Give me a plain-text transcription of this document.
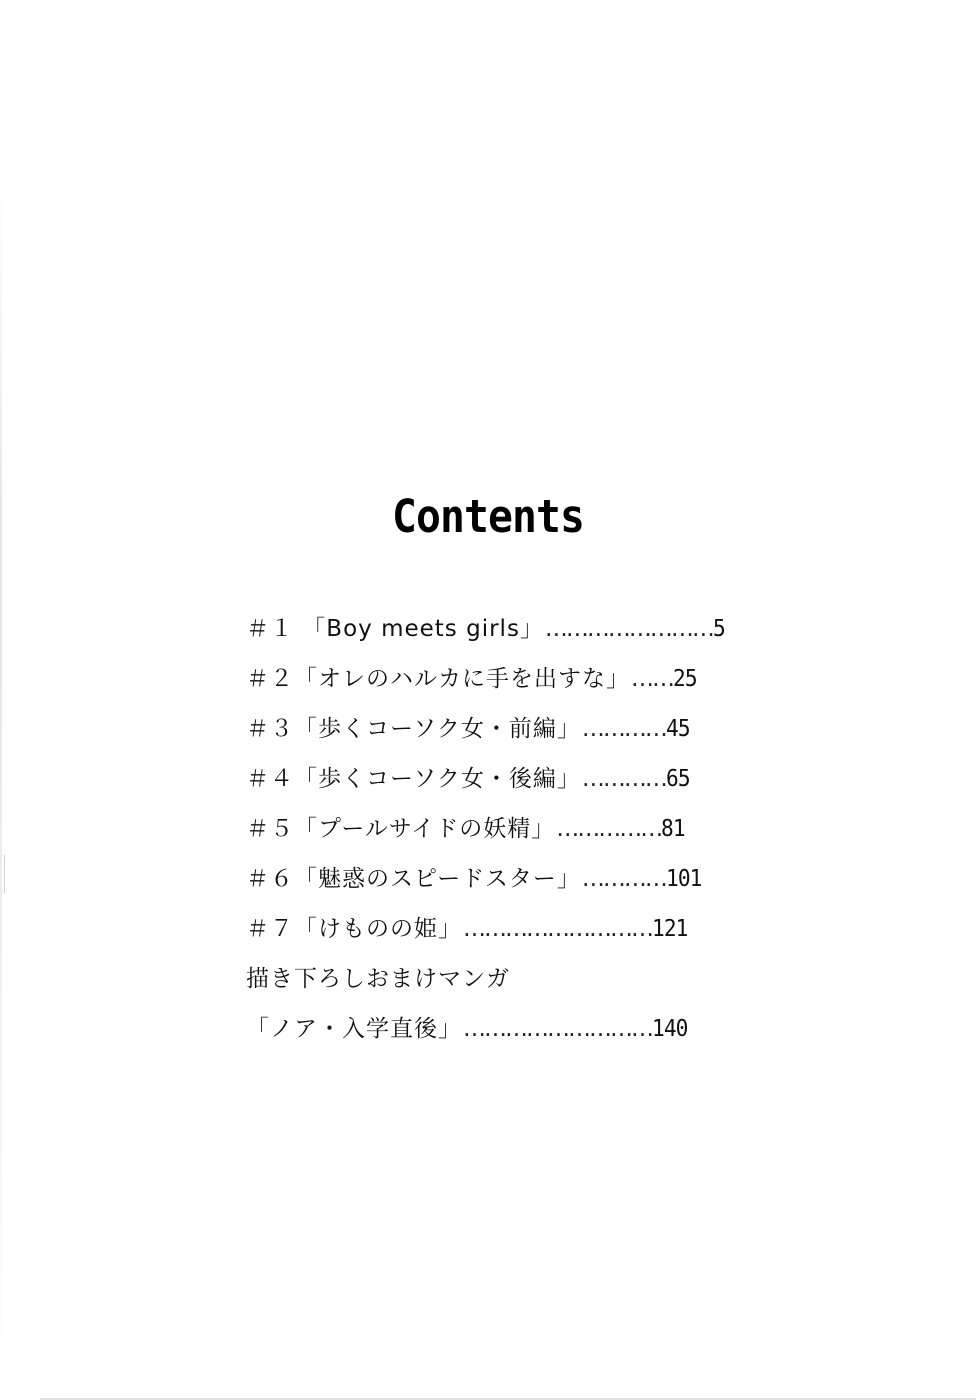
Contents
＃１ 「Boy meets girls」……………………5
＃２「オレのハルカに手を出すな」……25
＃３「歩くコーソク女・前編」…………45
＃４「歩くコーソク女・後編」…………65
＃５「プールサイドの妖精」……………81
＃６「魅惑のスピードスター」…………101
＃７「けものの姫」………………………121
描き下ろしおまけマンガ
「ノア・入学直後」………………………140
